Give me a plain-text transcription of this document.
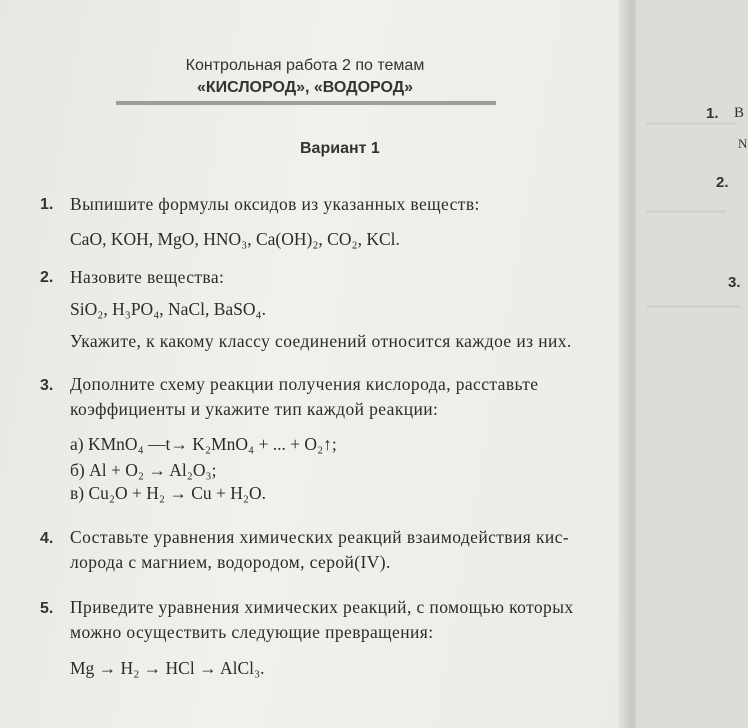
Контрольная работа 2 по темам
«КИСЛОРОД», «ВОДОРОД»
Вариант 1
1. Выпишите формулы оксидов из указанных веществ:
CaO, KOH, MgO, HNO₃, Ca(OH)₂, CO₂, KCl.
2. Назовите вещества:
SiO₂, H₃PO₄, NaCl, BaSO₄.
Укажите, к какому классу соединений относится каждое из них.
3. Дополните схему реакции получения кислорода, расставьте
коэффициенты и укажите тип каждой реакции:
а) KMnO₄ —t→ K₂MnO₄ + ... + O₂↑;
б) Al + O₂ → Al₂O₃;
в) Cu₂O + H₂ → Cu + H₂O.
4. Составьте уравнения химических реакций взаимодействия кис-
лорода с магнием, водородом, серой(IV).
5. Приведите уравнения химических реакций, с помощью которых
можно осуществить следующие превращения:
Mg → H₂ → HCl → AlCl₃.
1. В
N
2.
3.
